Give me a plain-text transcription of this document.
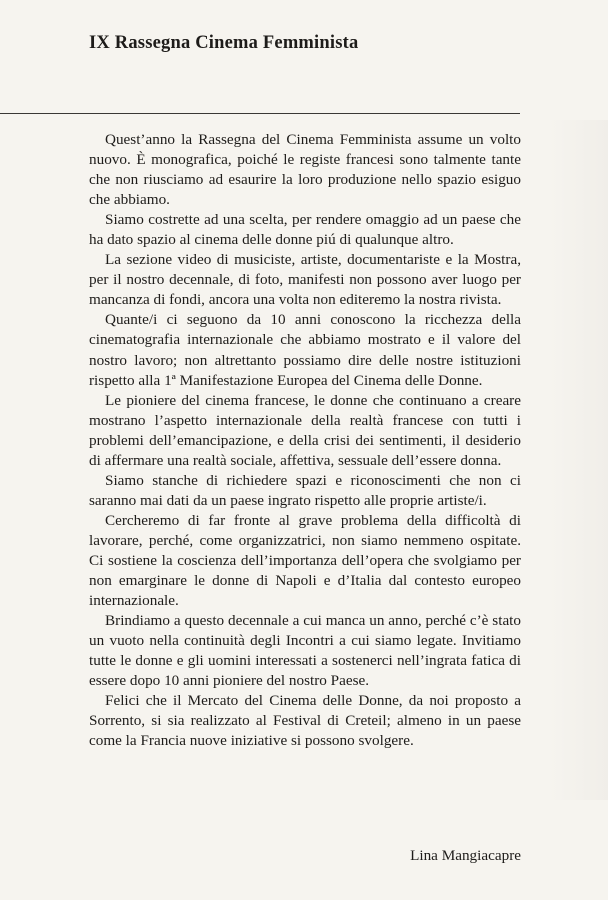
IX Rassegna Cinema Femminista

Quest’anno la Rassegna del Cinema Femminista assume un volto nuovo. È monografica, poiché le registe francesi sono talmente tante che non riusciamo ad esaurire la loro produzione nello spazio esiguo che abbiamo.

Siamo costrette ad una scelta, per rendere omaggio ad un paese che ha dato spazio al cinema delle donne piú di qualunque altro.

La sezione video di musiciste, artiste, documentariste e la Mostra, per il nostro decennale, di foto, manifesti non possono aver luogo per mancanza di fondi, ancora una volta non editeremo la nostra rivista.

Quante/i ci seguono da 10 anni conoscono la ricchezza della cinematografia internazionale che abbiamo mostrato e il valore del nostro lavoro; non altrettanto possiamo dire delle nostre istituzioni rispetto alla 1ª Manifestazione Europea del Cinema delle Donne.

Le pioniere del cinema francese, le donne che continuano a creare mostrano l’aspetto internazionale della realtà francese con tutti i problemi dell’emancipazione, e della crisi dei sentimenti, il desiderio di affermare una realtà sociale, affettiva, sessuale dell’essere donna.

Siamo stanche di richiedere spazi e riconoscimenti che non ci saranno mai dati da un paese ingrato rispetto alle proprie artiste/i.

Cercheremo di far fronte al grave problema della difficoltà di lavorare, perché, come organizzatrici, non siamo nemmeno ospitate. Ci sostiene la coscienza dell’importanza dell’opera che svolgiamo per non emarginare le donne di Napoli e d’Italia dal contesto europeo internazionale.

Brindiamo a questo decennale a cui manca un anno, perché c’è stato un vuoto nella continuità degli Incontri a cui siamo legate. Invitiamo tutte le donne e gli uomini interessati a sostenerci nell’ingrata fatica di essere dopo 10 anni pioniere del nostro Paese.

Felici che il Mercato del Cinema delle Donne, da noi proposto a Sorrento, si sia realizzato al Festival di Creteil; almeno in un paese come la Francia nuove iniziative si possono svolgere.

Lina Mangiacapre
